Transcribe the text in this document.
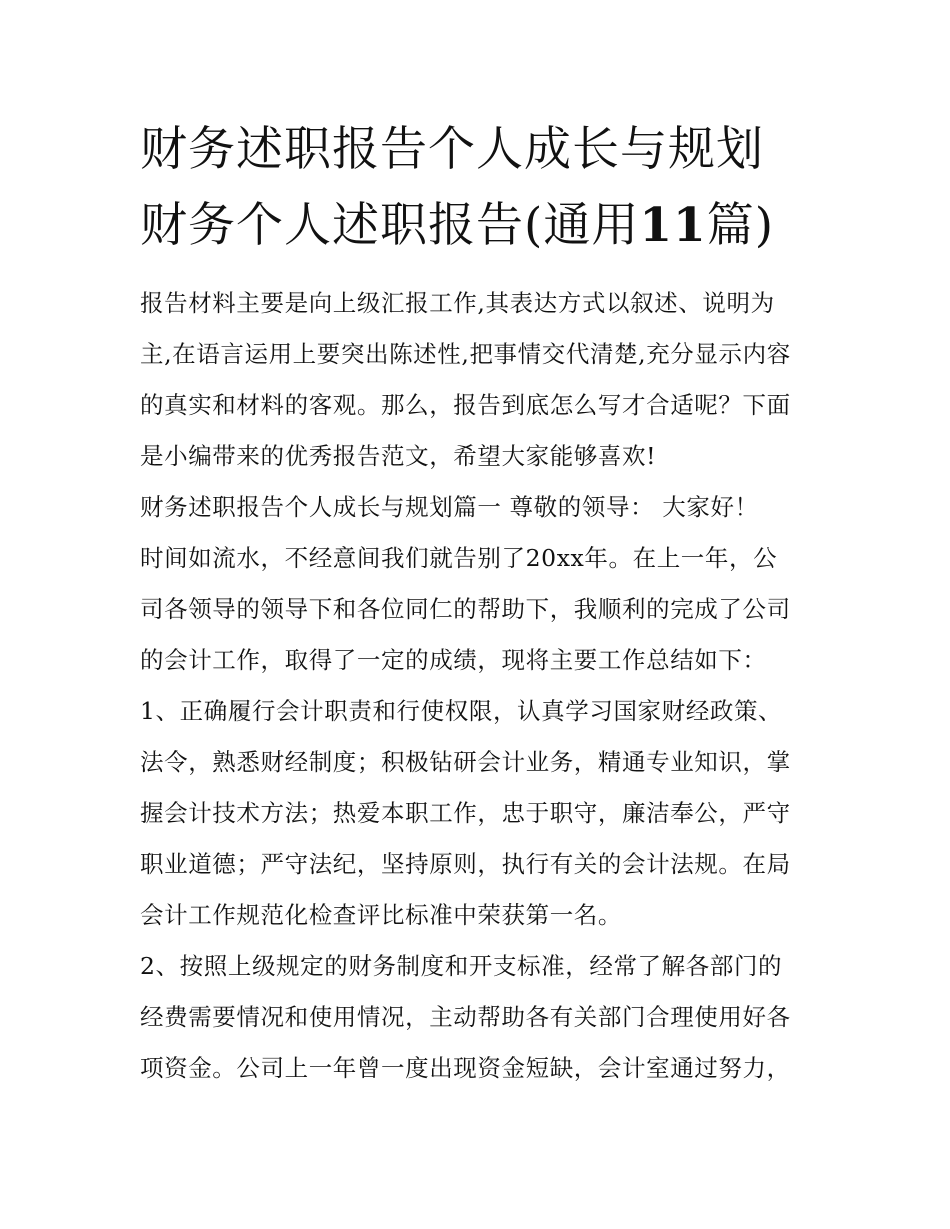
财务述职报告个人成长与规划
财务个人述职报告(通用11篇)
报告材料主要是向上级汇报工作,其表达方式以叙述、说明为
主,在语言运用上要突出陈述性,把事情交代清楚,充分显示内容
的真实和材料的客观。那么，报告到底怎么写才合适呢？下面
是小编带来的优秀报告范文，希望大家能够喜欢!
财务述职报告个人成长与规划篇一 尊敬的领导： 大家好！
时间如流水，不经意间我们就告别了20xx年。在上一年，公
司各领导的领导下和各位同仁的帮助下，我顺利的完成了公司
的会计工作，取得了一定的成绩，现将主要工作总结如下：
1、正确履行会计职责和行使权限，认真学习国家财经政策、
法令，熟悉财经制度；积极钻研会计业务，精通专业知识，掌
握会计技术方法；热爱本职工作，忠于职守，廉洁奉公，严守
职业道德；严守法纪，坚持原则，执行有关的会计法规。在局
会计工作规范化检查评比标准中荣获第一名。
2、按照上级规定的财务制度和开支标准，经常了解各部门的
经费需要情况和使用情况，主动帮助各有关部门合理使用好各
项资金。公司上一年曾一度出现资金短缺，会计室通过努力，
